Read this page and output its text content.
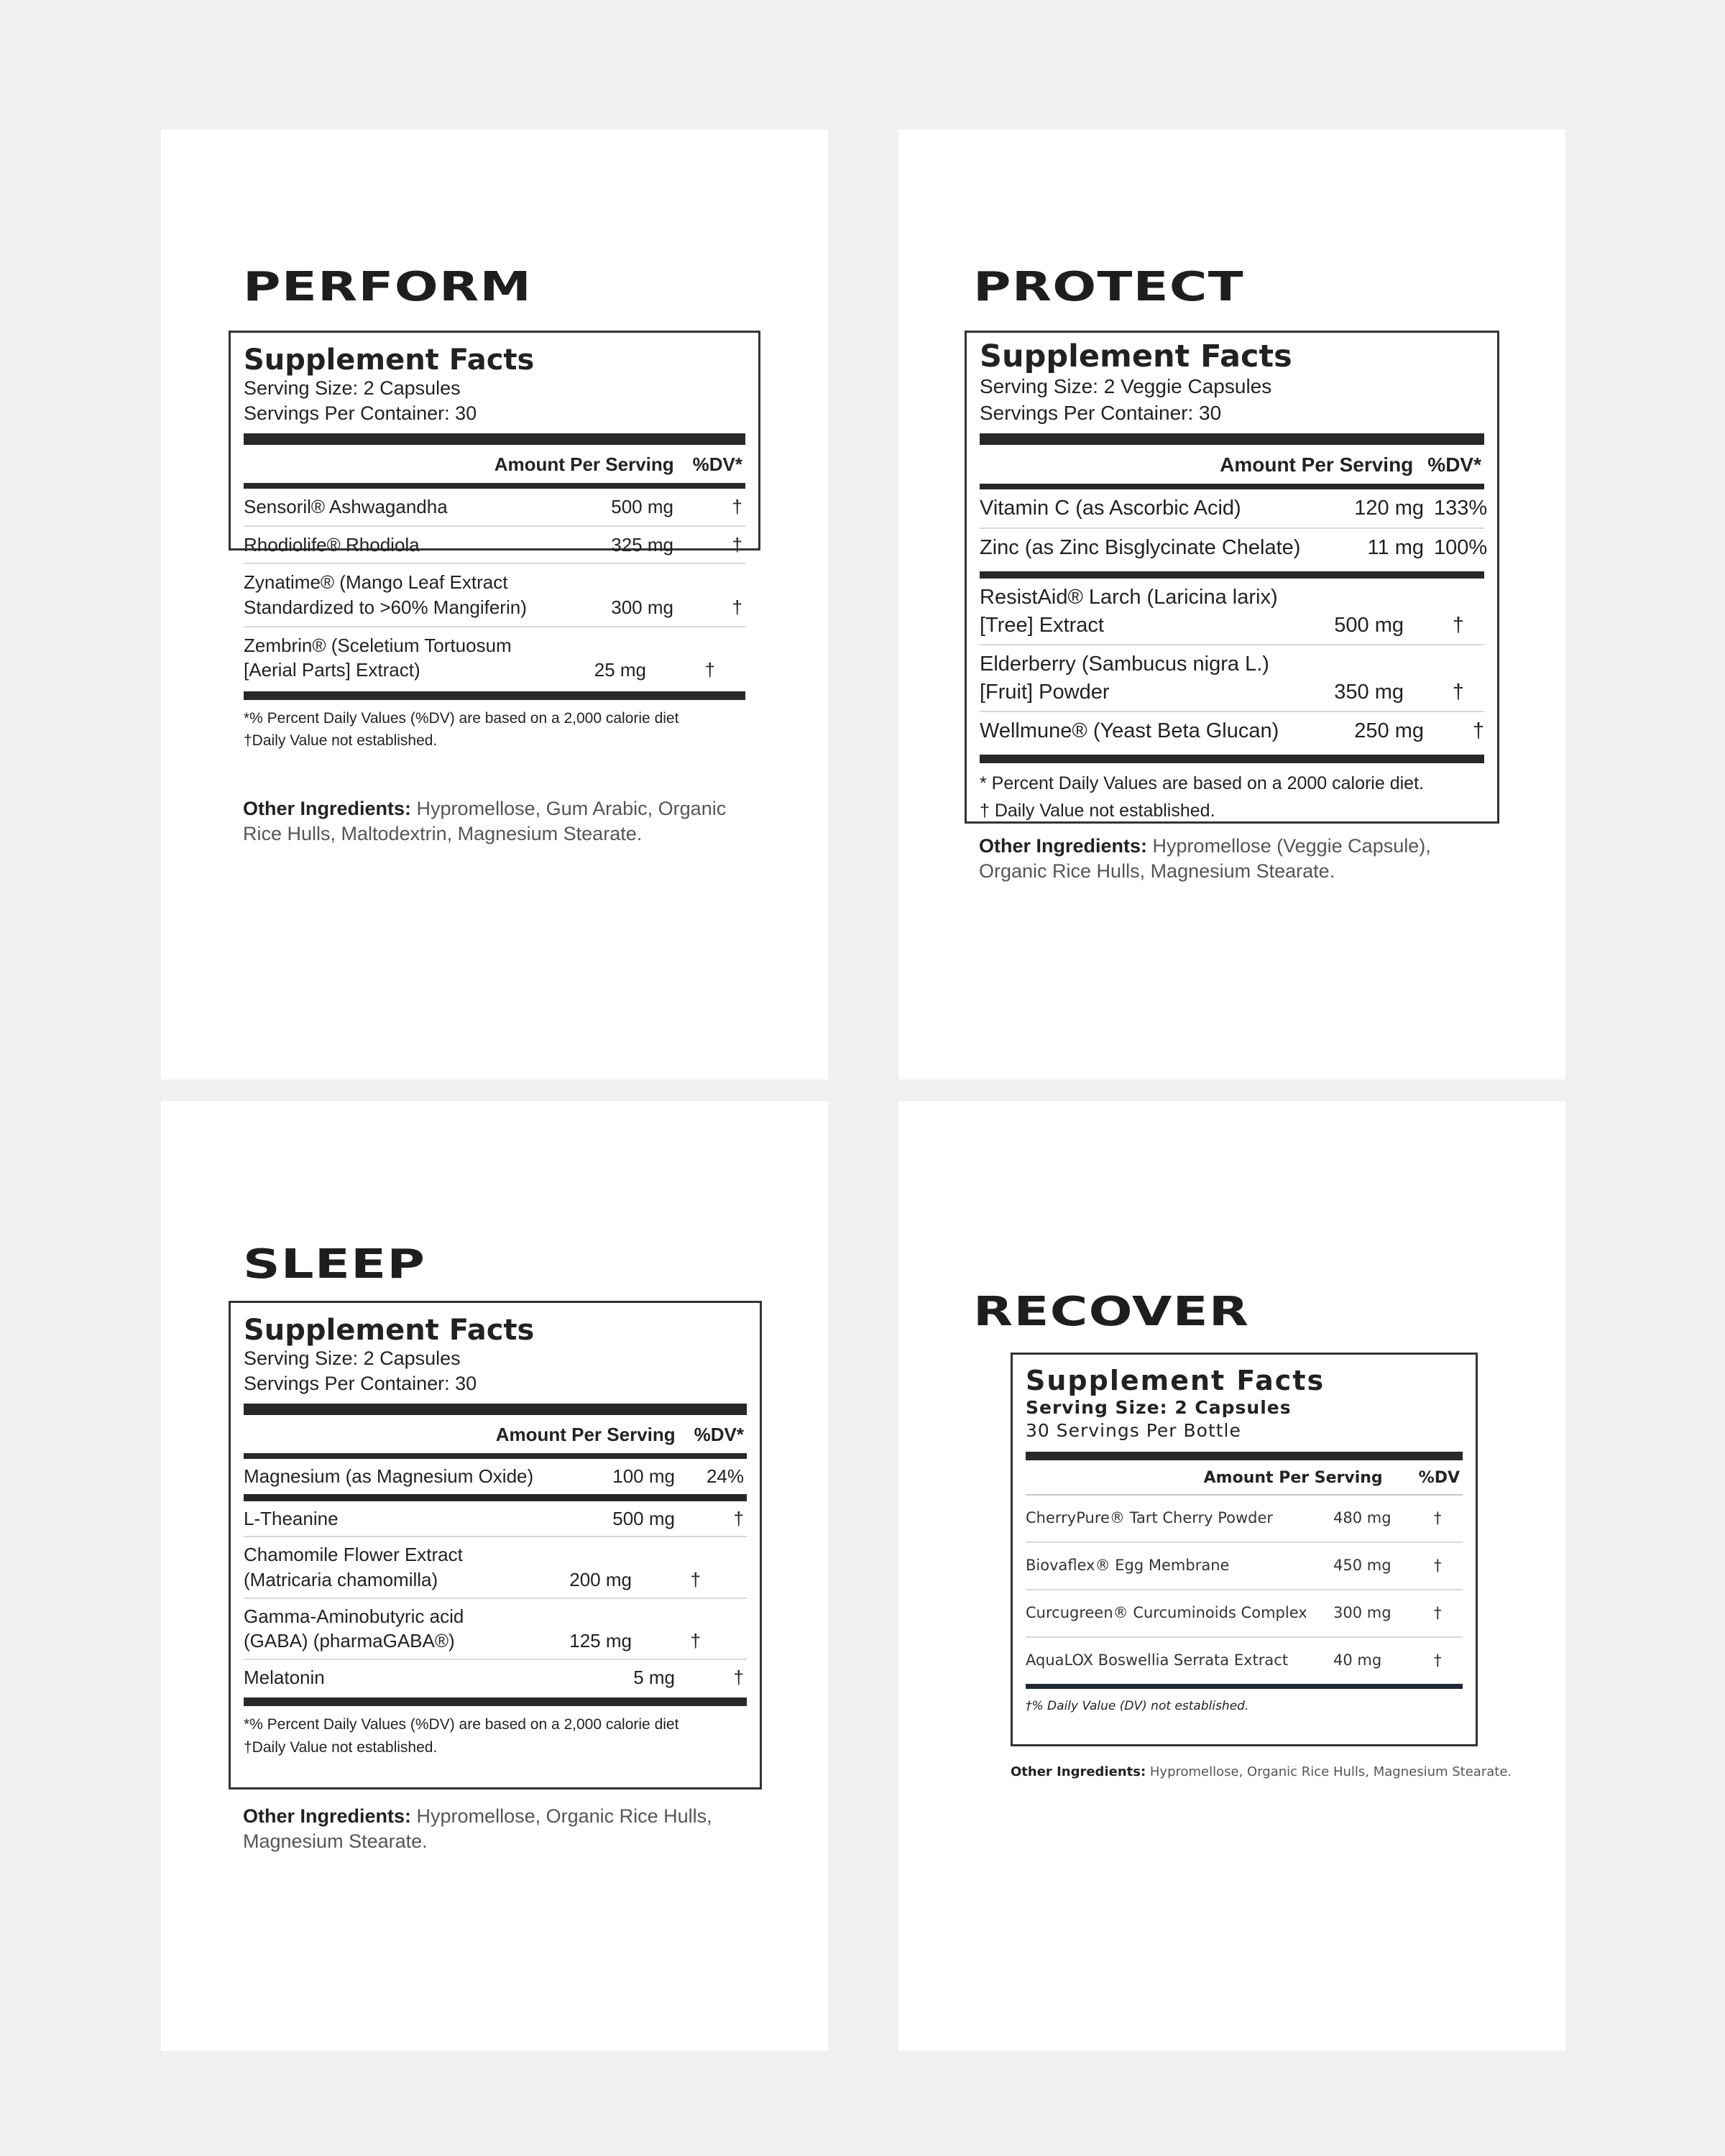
PERFORM
Supplement Facts
Serving Size: 2 Capsules
Servings Per Container: 30
Amount Per Serving %DV*
Sensoril® Ashwagandha	500 mg	†
Rhodiolife® Rhodiola	325 mg	†
Zynatime® (Mango Leaf Extract Standardized to >60% Mangiferin)	300 mg	†
Zembrin® (Sceletium Tortuosum [Aerial Parts] Extract)	25 mg	†
*% Percent Daily Values (%DV) are based on a 2,000 calorie diet
†Daily Value not established.
Other Ingredients: Hypromellose, Gum Arabic, Organic Rice Hulls, Maltodextrin, Magnesium Stearate.
PROTECT
Supplement Facts
Serving Size: 2 Veggie Capsules
Servings Per Container: 30
Amount Per Serving %DV*
Vitamin C (as Ascorbic Acid)	120 mg 133%
Zinc (as Zinc Bisglycinate Chelate)	11 mg 100%
ResistAid® Larch (Laricina larix) [Tree] Extract	500 mg	†
Elderberry (Sambucus nigra L.) [Fruit] Powder	350 mg	†
Wellmune® (Yeast Beta Glucan)	250 mg	†
* Percent Daily Values are based on a 2000 calorie diet.
† Daily Value not established.
Other Ingredients: Hypromellose (Veggie Capsule), Organic Rice Hulls, Magnesium Stearate.
SLEEP
Supplement Facts
Serving Size: 2 Capsules
Servings Per Container: 30
Amount Per Serving %DV*
Magnesium (as Magnesium Oxide)	100 mg	24%
L-Theanine	500 mg	†
Chamomile Flower Extract (Matricaria chamomilla)	200 mg	†
Gamma-Aminobutyric acid (GABA) (pharmaGABA®)	125 mg	†
Melatonin	5 mg	†
*% Percent Daily Values (%DV) are based on a 2,000 calorie diet
†Daily Value not established.
Other Ingredients: Hypromellose, Organic Rice Hulls, Magnesium Stearate.
RECOVER
Supplement Facts
Serving Size: 2 Capsules
30 Servings Per Bottle
Amount Per Serving %DV
CherryPure® Tart Cherry Powder	480 mg	†
Biovaflex® Egg Membrane	450 mg	†
Curcugreen® Curcuminoids Complex	300 mg	†
AquaLOX Boswellia Serrata Extract	40 mg	†
†% Daily Value (DV) not established.
Other Ingredients: Hypromellose, Organic Rice Hulls, Magnesium Stearate.
